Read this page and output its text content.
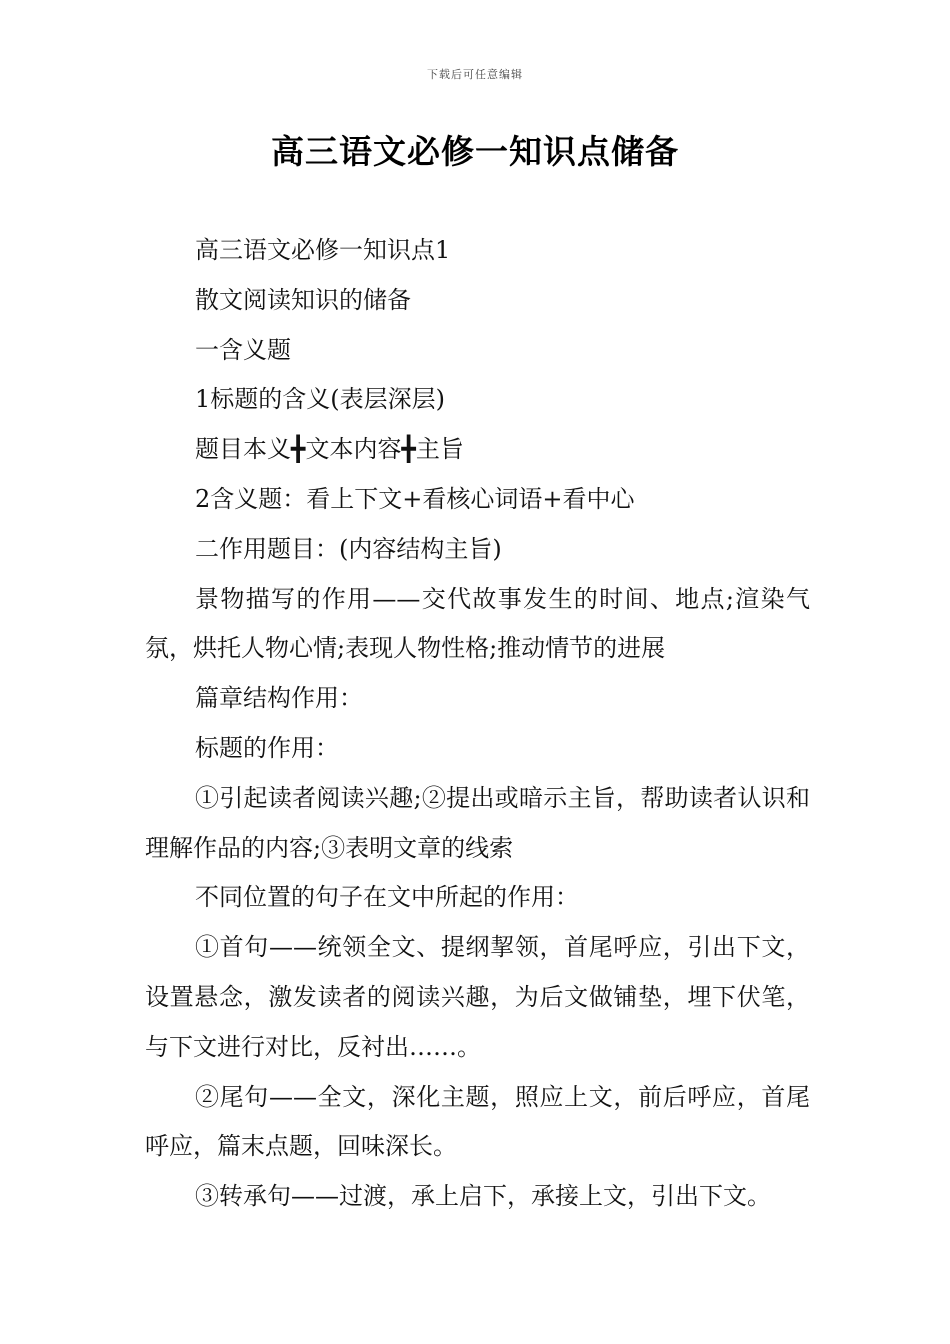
下载后可任意编辑
高三语文必修一知识点储备

高三语文必修一知识点1

散文阅读知识的储备

一含义题

1标题的含义(表层深层)

题目本义╋文本内容╋主旨

2含义题：看上下文+看核心词语+看中心

二作用题目：(内容结构主旨)

景物描写的作用——交代故事发生的时间、地点;渲染气氛，烘托人物心情;表现人物性格;推动情节的进展

篇章结构作用：

标题的作用：

①引起读者阅读兴趣;②提出或暗示主旨，帮助读者认识和理解作品的内容;③表明文章的线索

不同位置的句子在文中所起的作用：

①首句——统领全文、提纲挈领，首尾呼应，引出下文，设置悬念，激发读者的阅读兴趣，为后文做铺垫，埋下伏笔，与下文进行对比，反衬出……。

②尾句——全文，深化主题，照应上文，前后呼应，首尾呼应，篇末点题，回味深长。

③转承句——过渡，承上启下，承接上文，引出下文。
